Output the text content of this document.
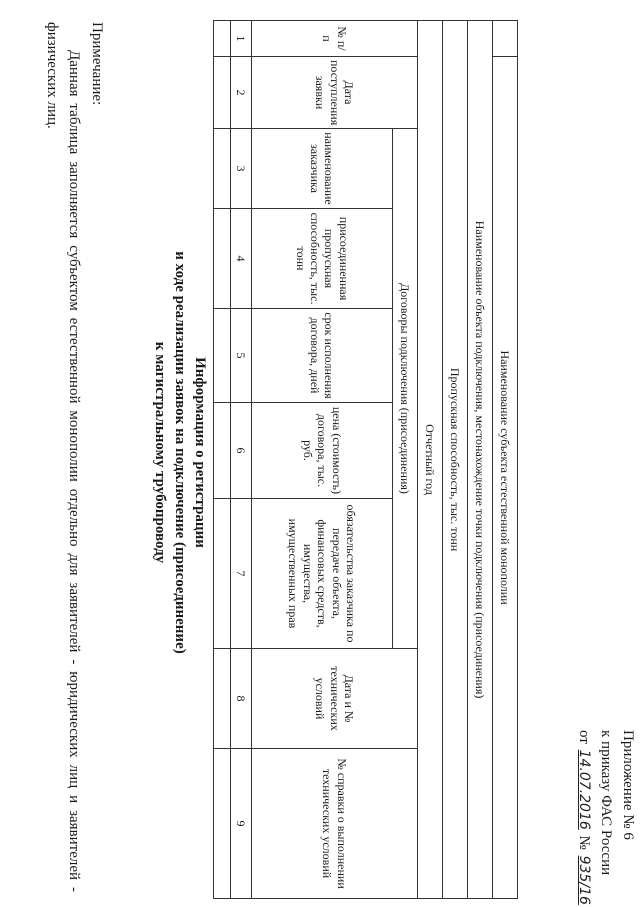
Приложение № 6
к приказу ФАС России
от 14.07.2016 № 935/16
Информация о регистрации
и ходе реализации заявок на подключение (присоединение)
к магистральному трубопроводу
		Наименование субъекта естественной монополии							
Наименование объекта подключения, местонахождение точки подключения (присоединения)								
Пропускная способность, тыс. тонн								
Отчетный год								
№ п/п	Дата поступления заявки	Договоры подключения (присоединения)					Дата и № технических условий	№ справки о выполнении технических условий
		наименование заказчика	присоединенная пропускная способность, тыс. тонн	срок исполнения договора, дней	цена (стоимость) договора, тыс. руб.	обязательства заказчика по передаче объекта, финансовых средств, имущества, имущественных прав		
1	2	3	4	5	6	7	8	9

Примечание:
Данная таблица заполняется субъектом естественной монополии отдельно для заявителей - юридических лиц и заявителей - физических лиц.
